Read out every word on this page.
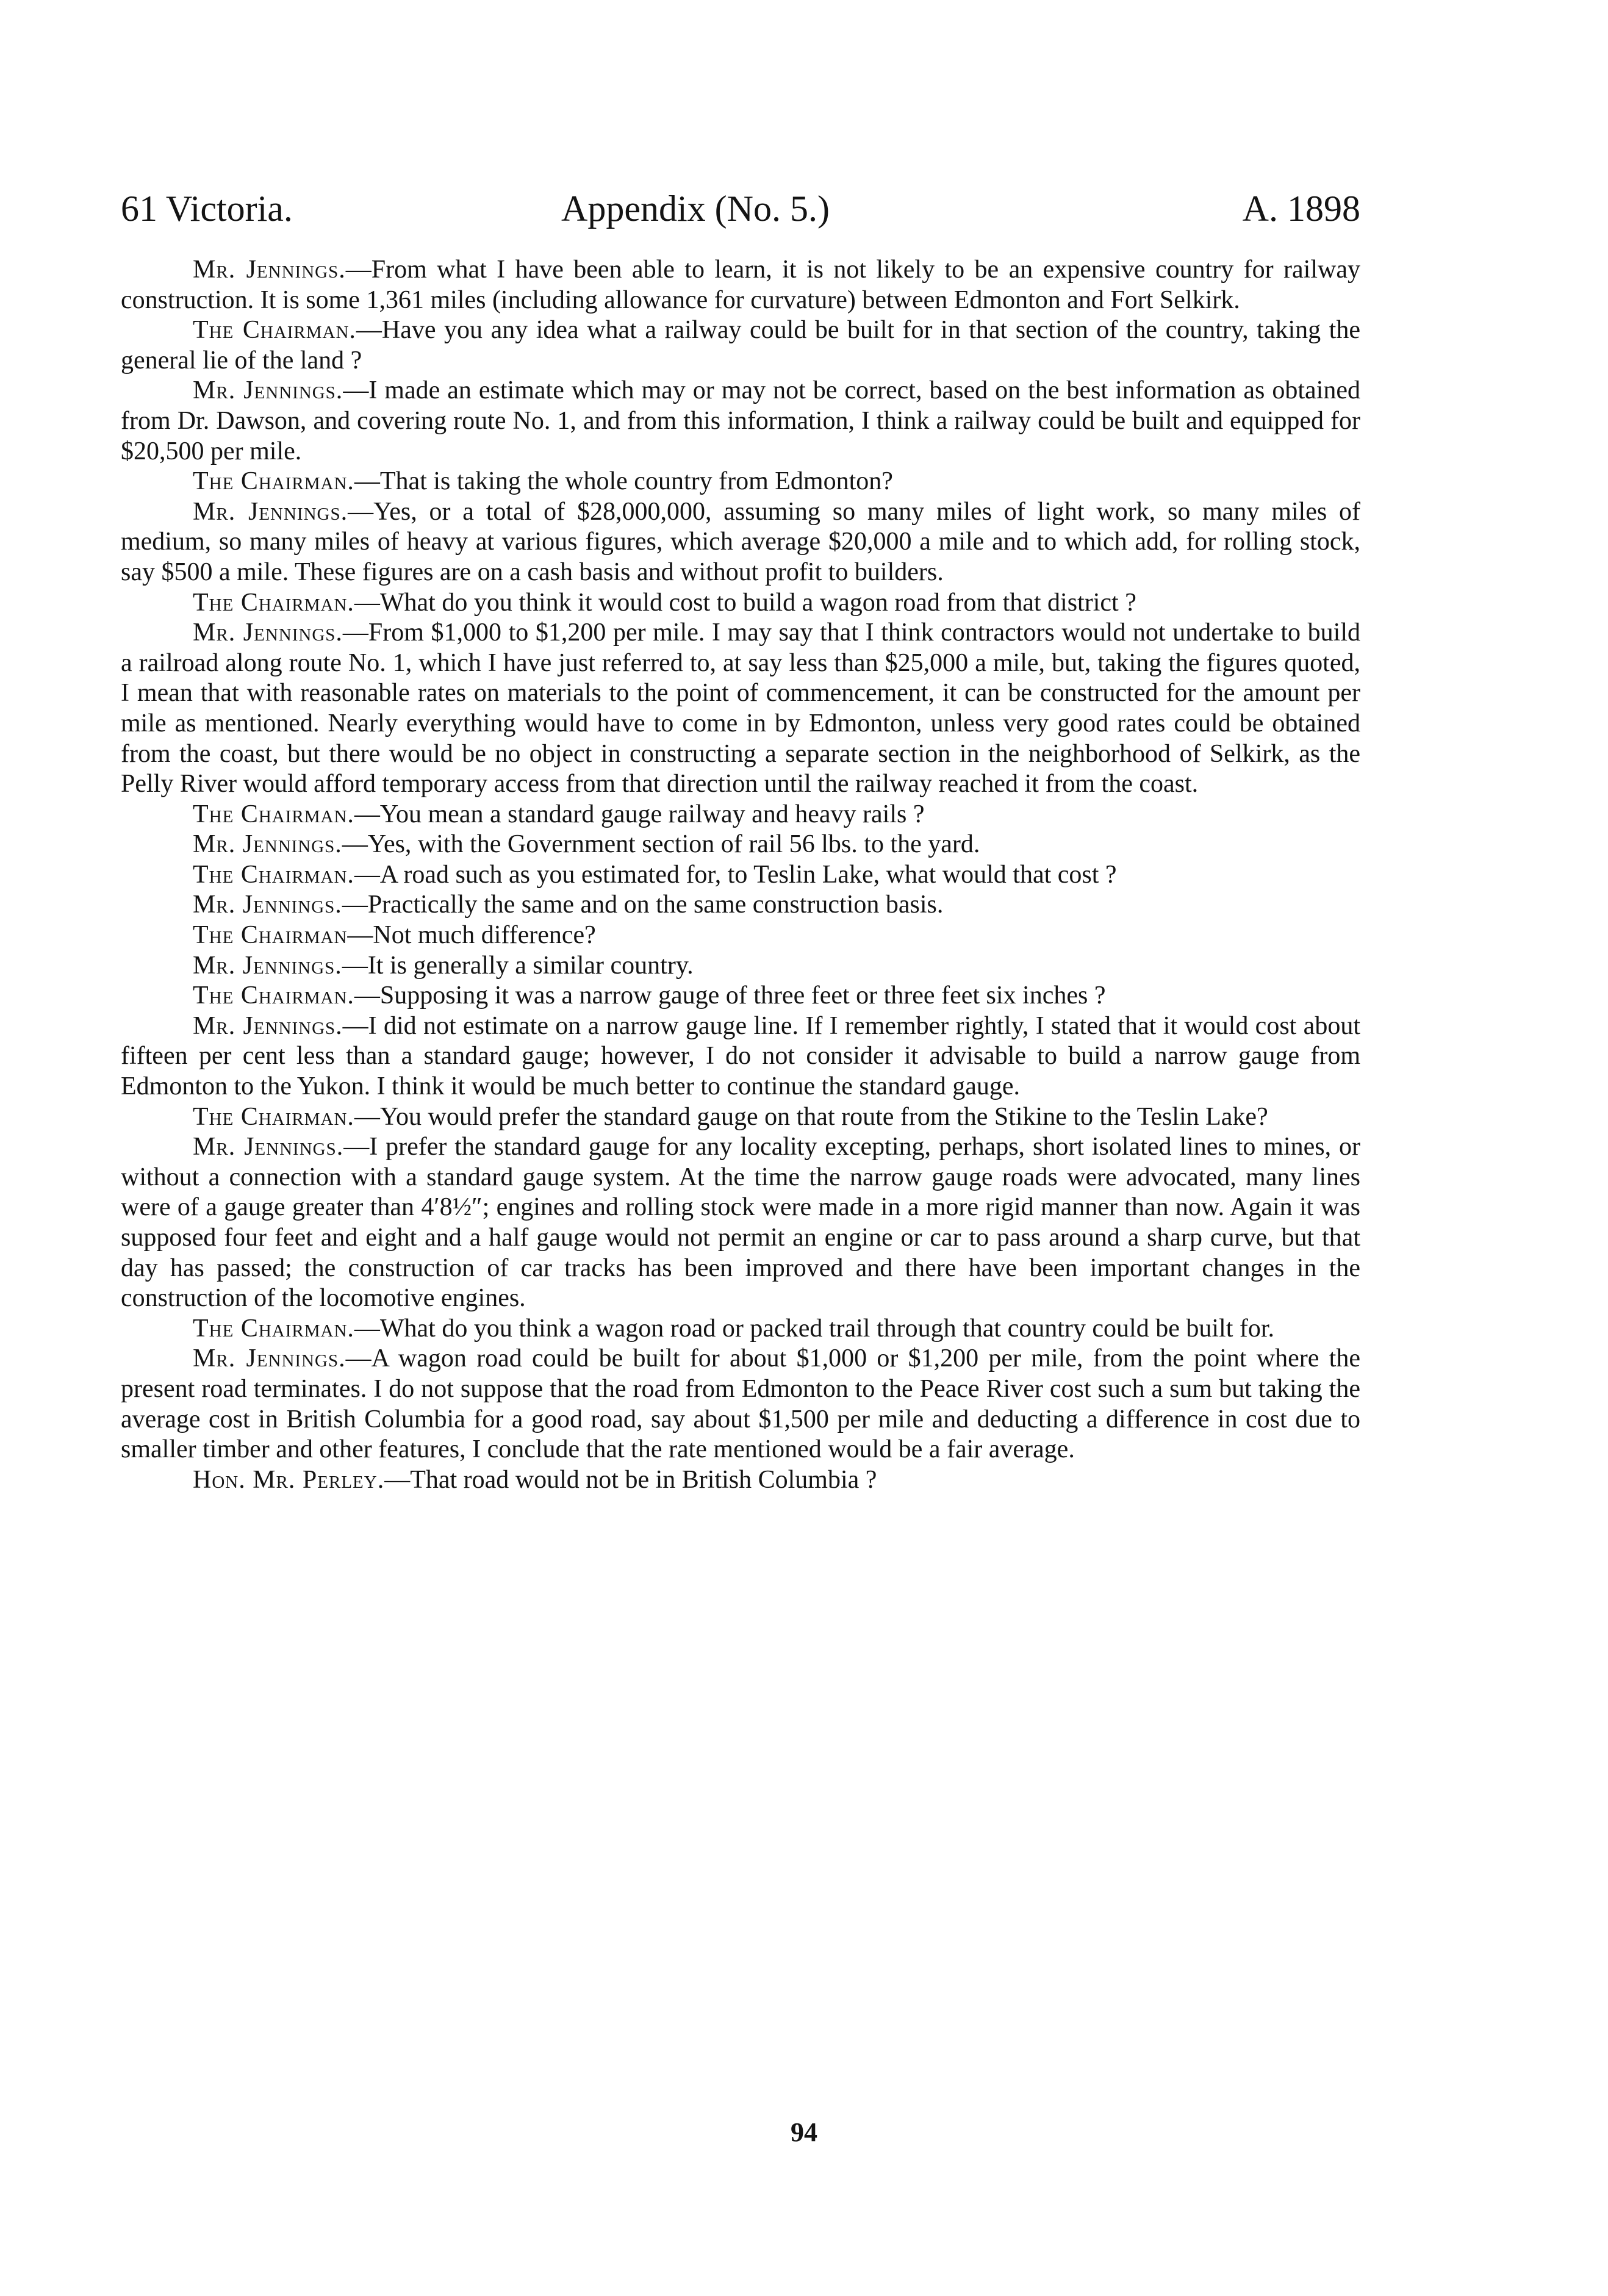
61 Victoria.	Appendix (No. 5.)	A. 1898

Mr. Jennings.—From what I have been able to learn, it is not likely to be an expensive country for railway construction. It is some 1,361 miles (including allowance for curvature) between Edmonton and Fort Selkirk.

The Chairman.—Have you any idea what a railway could be built for in that section of the country, taking the general lie of the land ?

Mr. Jennings.—I made an estimate which may or may not be correct, based on the best information as obtained from Dr. Dawson, and covering route No. 1, and from this information, I think a railway could be built and equipped for $20,500 per mile.

The Chairman.—That is taking the whole country from Edmonton?

Mr. Jennings.—Yes, or a total of $28,000,000, assuming so many miles of light work, so many miles of medium, so many miles of heavy at various figures, which average $20,000 a mile and to which add, for rolling stock, say $500 a mile. These figures are on a cash basis and without profit to builders.

The Chairman.—What do you think it would cost to build a wagon road from that district ?

Mr. Jennings.—From $1,000 to $1,200 per mile. I may say that I think contractors would not undertake to build a railroad along route No. 1, which I have just referred to, at say less than $25,000 a mile, but, taking the figures quoted, I mean that with reasonable rates on materials to the point of commencement, it can be constructed for the amount per mile as mentioned. Nearly everything would have to come in by Edmonton, unless very good rates could be obtained from the coast, but there would be no object in constructing a separate section in the neighborhood of Selkirk, as the Pelly River would afford temporary access from that direction until the railway reached it from the coast.

The Chairman.—You mean a standard gauge railway and heavy rails ?

Mr. Jennings.—Yes, with the Government section of rail 56 lbs. to the yard.

The Chairman.—A road such as you estimated for, to Teslin Lake, what would that cost ?

Mr. Jennings.—Practically the same and on the same construction basis.

The Chairman—Not much difference?

Mr. Jennings.—It is generally a similar country.

The Chairman.—Supposing it was a narrow gauge of three feet or three feet six inches ?

Mr. Jennings.—I did not estimate on a narrow gauge line. If I remember rightly, I stated that it would cost about fifteen per cent less than a standard gauge; however, I do not consider it advisable to build a narrow gauge from Edmonton to the Yukon. I think it would be much better to continue the standard gauge.

The Chairman.—You would prefer the standard gauge on that route from the Stikine to the Teslin Lake?

Mr. Jennings.—I prefer the standard gauge for any locality excepting, perhaps, short isolated lines to mines, or without a connection with a standard gauge system. At the time the narrow gauge roads were advocated, many lines were of a gauge greater than 4′8½″; engines and rolling stock were made in a more rigid manner than now. Again it was supposed four feet and eight and a half gauge would not permit an engine or car to pass around a sharp curve, but that day has passed; the construction of car tracks has been improved and there have been important changes in the construction of the locomotive engines.

The Chairman.—What do you think a wagon road or packed trail through that country could be built for.

Mr. Jennings.—A wagon road could be built for about $1,000 or $1,200 per mile, from the point where the present road terminates. I do not suppose that the road from Edmonton to the Peace River cost such a sum but taking the average cost in British Columbia for a good road, say about $1,500 per mile and deducting a difference in cost due to smaller timber and other features, I conclude that the rate mentioned would be a fair average.

Hon. Mr. Perley.—That road would not be in British Columbia ?

94
